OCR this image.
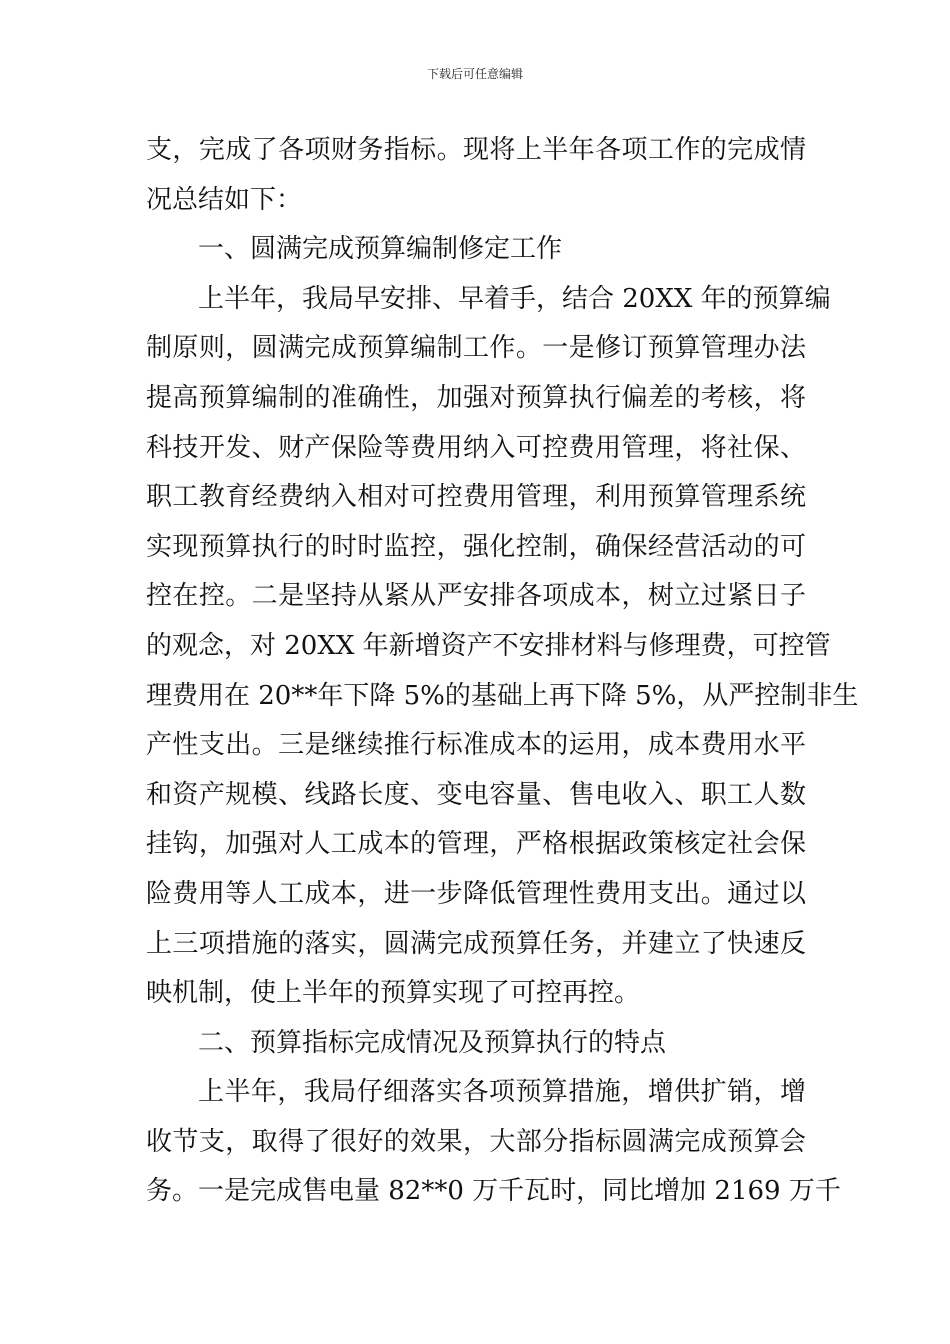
下载后可任意编辑
支，完成了各项财务指标。现将上半年各项工作的完成情
况总结如下：
一、圆满完成预算编制修定工作
上半年，我局早安排、早着手，结合 20XX 年的预算编
制原则，圆满完成预算编制工作。一是修订预算管理办法
提高预算编制的准确性，加强对预算执行偏差的考核，将
科技开发、财产保险等费用纳入可控费用管理，将社保、
职工教育经费纳入相对可控费用管理，利用预算管理系统
实现预算执行的时时监控，强化控制，确保经营活动的可
控在控。二是坚持从紧从严安排各项成本，树立过紧日子
的观念，对 20XX 年新增资产不安排材料与修理费，可控管
理费用在 20**年下降 5%的基础上再下降 5%，从严控制非生
产性支出。三是继续推行标准成本的运用，成本费用水平
和资产规模、线路长度、变电容量、售电收入、职工人数
挂钩，加强对人工成本的管理，严格根据政策核定社会保
险费用等人工成本，进一步降低管理性费用支出。通过以
上三项措施的落实，圆满完成预算任务，并建立了快速反
映机制，使上半年的预算实现了可控再控。
二、预算指标完成情况及预算执行的特点
上半年，我局仔细落实各项预算措施，增供扩销，增
收节支，取得了很好的效果，大部分指标圆满完成预算会
务。一是完成售电量 82**0 万千瓦时，同比增加 2169 万千
